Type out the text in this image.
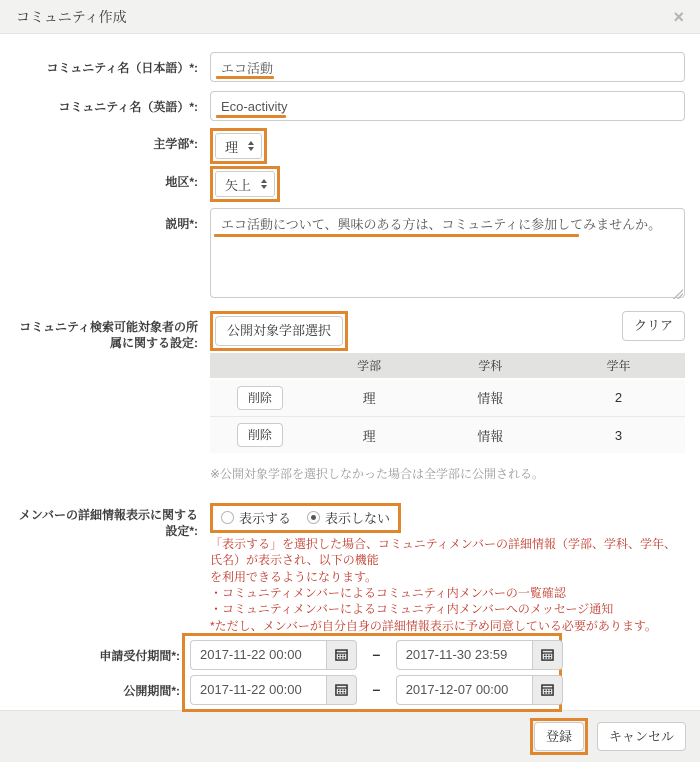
コミュニティ作成	×
コミュニティ名（日本語）*:
エコ活動
コミュニティ名（英語）*:
Eco-activity
主学部*: 理
地区*: 矢上
説明*:
エコ活動について、興味のある方は、コミュニティに参加してみませんか。
コミュニティ検索可能対象者の所属に関する設定:
公開対象学部選択	クリア
	学部	学科	学年
削除	理	情報	2
削除	理	情報	3
※公開対象学部を選択しなかった場合は全学部に公開される。
メンバーの詳細情報表示に関する設定*:
表示する	表示しない
「表示する」を選択した場合、コミュニティメンバーの詳細情報（学部、学科、学年、氏名）が表示され、以下の機能
を利用できるようになります。
・コミュニティメンバーによるコミュニティ内メンバーの一覧確認
・コミュニティメンバーによるコミュニティ内メンバーへのメッセージ通知
*ただし、メンバーが自分自身の詳細情報表示に予め同意している必要があります。
申請受付期間*:
2017-11-22 00:00	–
2017-11-30 23:59
公開期間*:
2017-11-22 00:00	–
2017-12-07 00:00
登録	キャンセル
